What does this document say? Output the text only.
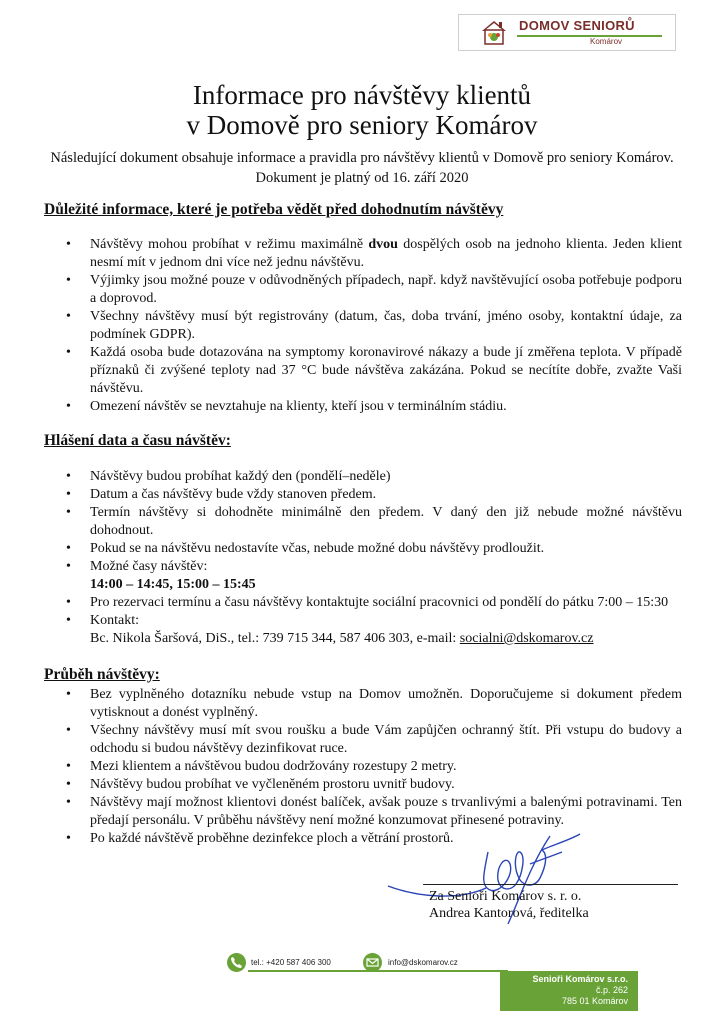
DOMOV SENIORŮ
Komárov
Informace pro návštěvy klientů
v Domově pro seniory Komárov
Následující dokument obsahuje informace a pravidla pro návštěvy klientů v Domově pro seniory Komárov.
Dokument je platný od 16. září 2020
Důležité informace, které je potřeba vědět před dohodnutím návštěvy
• Návštěvy mohou probíhat v režimu maximálně dvou dospělých osob na jednoho klienta. Jeden klient nesmí mít v jednom dni více než jednu návštěvu.
• Výjimky jsou možné pouze v odůvodněných případech, např. když navštěvující osoba potřebuje podporu a doprovod.
• Všechny návštěvy musí být registrovány (datum, čas, doba trvání, jméno osoby, kontaktní údaje, za podmínek GDPR).
• Každá osoba bude dotazována na symptomy koronavirové nákazy a bude jí změřena teplota. V případě příznaků či zvýšené teploty nad 37 °C bude návštěva zakázána. Pokud se necítíte dobře, zvažte Vaši návštěvu.
• Omezení návštěv se nevztahuje na klienty, kteří jsou v terminálním stádiu.
Hlášení data a času návštěv:
• Návštěvy budou probíhat každý den (pondělí–neděle)
• Datum a čas návštěvy bude vždy stanoven předem.
• Termín návštěvy si dohodněte minimálně den předem. V daný den již nebude možné návštěvu dohodnout.
• Pokud se na návštěvu nedostavíte včas, nebude možné dobu návštěvy prodloužit.
• Možné časy návštěv:
14:00 – 14:45, 15:00 – 15:45
• Pro rezervaci termínu a času návštěvy kontaktujte sociální pracovnici od pondělí do pátku 7:00 – 15:30
• Kontakt:
Bc. Nikola Šaršová, DiS., tel.: 739 715 344, 587 406 303, e-mail: socialni@dskomarov.cz
Průběh návštěvy:
• Bez vyplněného dotazníku nebude vstup na Domov umožněn. Doporučujeme si dokument předem vytisknout a donést vyplněný.
• Všechny návštěvy musí mít svou roušku a bude Vám zapůjčen ochranný štít. Při vstupu do budovy a odchodu si budou návštěvy dezinfikovat ruce.
• Mezi klientem a návštěvou budou dodržovány rozestupy 2 metry.
• Návštěvy budou probíhat ve vyčleněném prostoru uvnitř budovy.
• Návštěvy mají možnost klientovi donést balíček, avšak pouze s trvanlivými a balenými potravinami. Ten předají personálu. V průběhu návštěvy není možné konzumovat přinesené potraviny.
• Po každé návštěvě proběhne dezinfekce ploch a větrání prostorů.
Za Senioři Komárov s. r. o.
Andrea Kantorová, ředitelka
tel.: +420 587 406 300	info@dskomarov.cz
Senioři Komárov s.r.o.
č.p. 262
785 01 Komárov
